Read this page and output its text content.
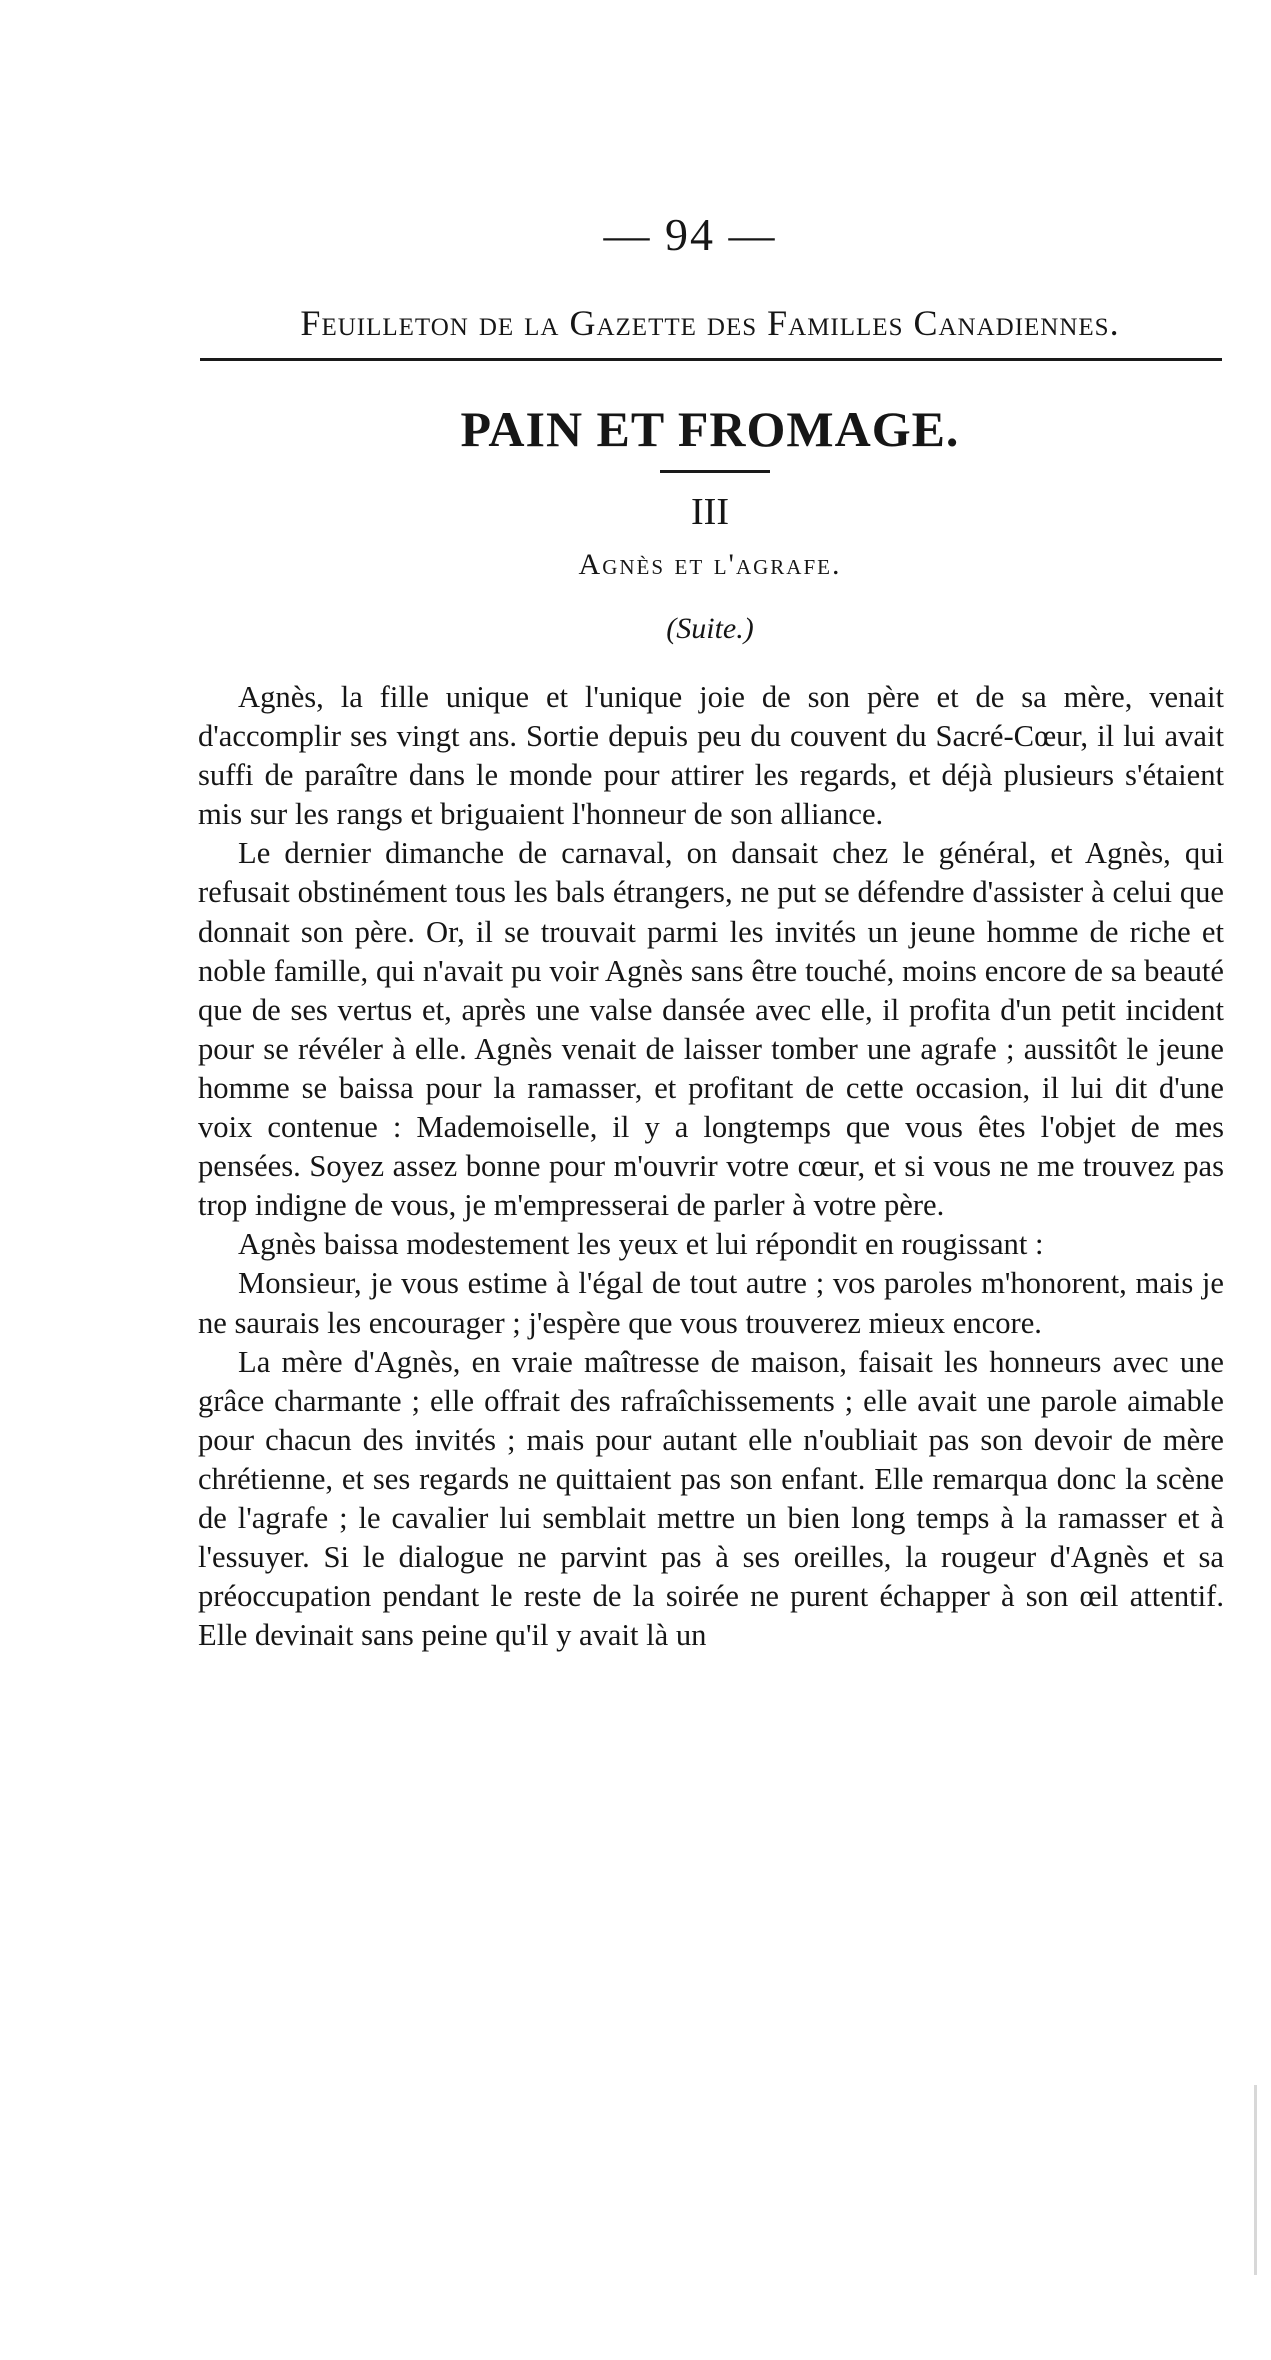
— 94 —
Feuilleton de la Gazette des Familles Canadiennes.
PAIN ET FROMAGE.
III
Agnès et l'agrafe.
(Suite.)

Agnès, la fille unique et l'unique joie de son père et de sa mère, venait d'accomplir ses vingt ans. Sortie depuis peu du couvent du Sacré-Cœur, il lui avait suffi de paraître dans le monde pour attirer les regards, et déjà plusieurs s'étaient mis sur les rangs et briguaient l'honneur de son alliance.

Le dernier dimanche de carnaval, on dansait chez le général, et Agnès, qui refusait obstinément tous les bals étrangers, ne put se défendre d'assister à celui que donnait son père. Or, il se trouvait parmi les invités un jeune homme de riche et noble famille, qui n'avait pu voir Agnès sans être touché, moins encore de sa beauté que de ses vertus et, après une valse dansée avec elle, il profita d'un petit incident pour se révéler à elle. Agnès venait de laisser tomber une agrafe ; aussitôt le jeune homme se baissa pour la ramasser, et profitant de cette occasion, il lui dit d'une voix contenue : Mademoiselle, il y a longtemps que vous êtes l'objet de mes pensées. Soyez assez bonne pour m'ouvrir votre cœur, et si vous ne me trouvez pas trop indigne de vous, je m'empresserai de parler à votre père.

Agnès baissa modestement les yeux et lui répondit en rougissant :

Monsieur, je vous estime à l'égal de tout autre ; vos paroles m'honorent, mais je ne saurais les encourager ; j'espère que vous trouverez mieux encore.

La mère d'Agnès, en vraie maîtresse de maison, faisait les honneurs avec une grâce charmante ; elle offrait des rafraîchissements ; elle avait une parole aimable pour chacun des invités ; mais pour autant elle n'oubliait pas son devoir de mère chrétienne, et ses regards ne quittaient pas son enfant. Elle remarqua donc la scène de l'agrafe ; le cavalier lui semblait mettre un bien long temps à la ramasser et à l'essuyer. Si le dialogue ne parvint pas à ses oreilles, la rougeur d'Agnès et sa préoccupation pendant le reste de la soirée ne purent échapper à son œil attentif. Elle devinait sans peine qu'il y avait là un
